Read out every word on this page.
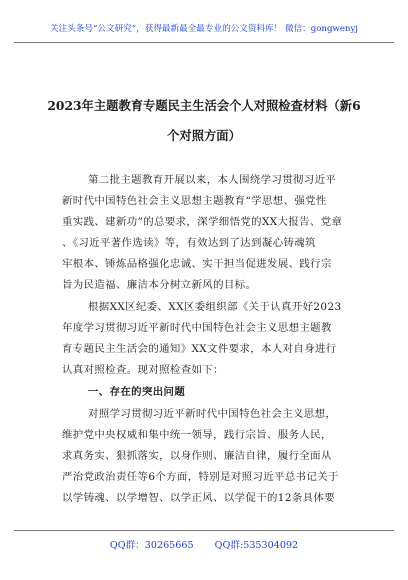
关注头条号“公文研究”，获得最新最全最专业的公文资料库！ 微信：gongwenyj
2023年主题教育专题民主生活会个人对照检查材料（新6
个对照方面）
第二批主题教育开展以来，本人围绕学习贯彻习近平
新时代中国特色社会主义思想主题教育“学思想、强党性
重实践、建新功”的总要求，深学细悟党的XX大报告、党章
、《习近平著作选读》等，有效达到了达到凝心铸魂筑
牢根本、锤炼品格强化忠诚、实干担当促进发展、践行宗
旨为民造福、廉洁本分树立新风的目标。
根据XX区纪委、XX区委组织部《关于认真开好2023
年度学习贯彻习近平新时代中国特色社会主义思想主题教
育专题民主生活会的通知》XX文件要求，本人对自身进行
认真对照检查。现对照检查如下：
一、存在的突出问题
对照学习贯彻习近平新时代中国特色社会主义思想，
维护党中央权威和集中统一领导，践行宗旨、服务人民，
求真务实、狠抓落实，以身作则、廉洁自律，履行全面从
严治党政治责任等6个方面，特别是对照习近平总书记关于
以学铸魂、以学增智、以学正风、以学促干的12条具体要
QQ群：30265665 QQ群:535304092
